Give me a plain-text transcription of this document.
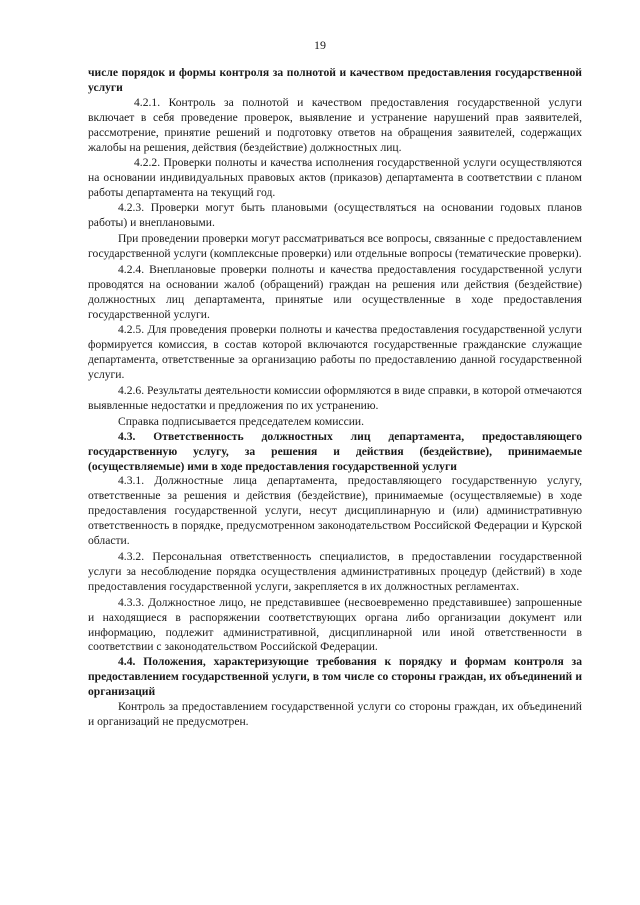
19

числе порядок и формы контроля за полнотой и качеством предоставления государственной услуги

4.2.1. Контроль за полнотой и качеством предоставления государственной услуги включает в себя проведение проверок, выявление и устранение нарушений прав заявителей, рассмотрение, принятие решений и подготовку ответов на обращения заявителей, содержащих жалобы на решения, действия (бездействие) должностных лиц.

4.2.2. Проверки полноты и качества исполнения государственной услуги осуществляются на основании индивидуальных правовых актов (приказов) департамента в соответствии с планом работы департамента на текущий год.

4.2.3. Проверки могут быть плановыми (осуществляться на основании годовых планов работы) и внеплановыми.

При проведении проверки могут рассматриваться все вопросы, связанные с предоставлением государственной услуги (комплексные проверки) или отдельные вопросы (тематические проверки).

4.2.4. Внеплановые проверки полноты и качества предоставления государственной услуги проводятся на основании жалоб (обращений) граждан на решения или действия (бездействие) должностных лиц департамента, принятые или осуществленные в ходе предоставления государственной услуги.

4.2.5. Для проведения проверки полноты и качества предоставления государственной услуги формируется комиссия, в состав которой включаются государственные гражданские служащие департамента, ответственные за организацию работы по предоставлению данной государственной услуги.

4.2.6. Результаты деятельности комиссии оформляются в виде справки, в которой отмечаются выявленные недостатки и предложения по их устранению.

Справка подписывается председателем комиссии.

4.3. Ответственность должностных лиц департамента, предоставляющего государственную услугу, за решения и действия (бездействие), принимаемые (осуществляемые) ими в ходе предоставления государственной услуги

4.3.1. Должностные лица департамента, предоставляющего государственную услугу, ответственные за решения и действия (бездействие), принимаемые (осуществляемые) в ходе предоставления государственной услуги, несут дисциплинарную и (или) административную ответственность в порядке, предусмотренном законодательством Российской Федерации и Курской области.

4.3.2. Персональная ответственность специалистов, в предоставлении государственной услуги за несоблюдение порядка осуществления административных процедур (действий) в ходе предоставления государственной услуги, закрепляется в их должностных регламентах.

4.3.3. Должностное лицо, не представившее (несвоевременно представившее) запрошенные и находящиеся в распоряжении соответствующих органа либо организации документ или информацию, подлежит административной, дисциплинарной или иной ответственности в соответствии с законодательством Российской Федерации.

4.4. Положения, характеризующие требования к порядку и формам контроля за предоставлением государственной услуги, в том числе со стороны граждан, их объединений и организаций

Контроль за предоставлением государственной услуги со стороны граждан, их объединений и организаций не предусмотрен.
